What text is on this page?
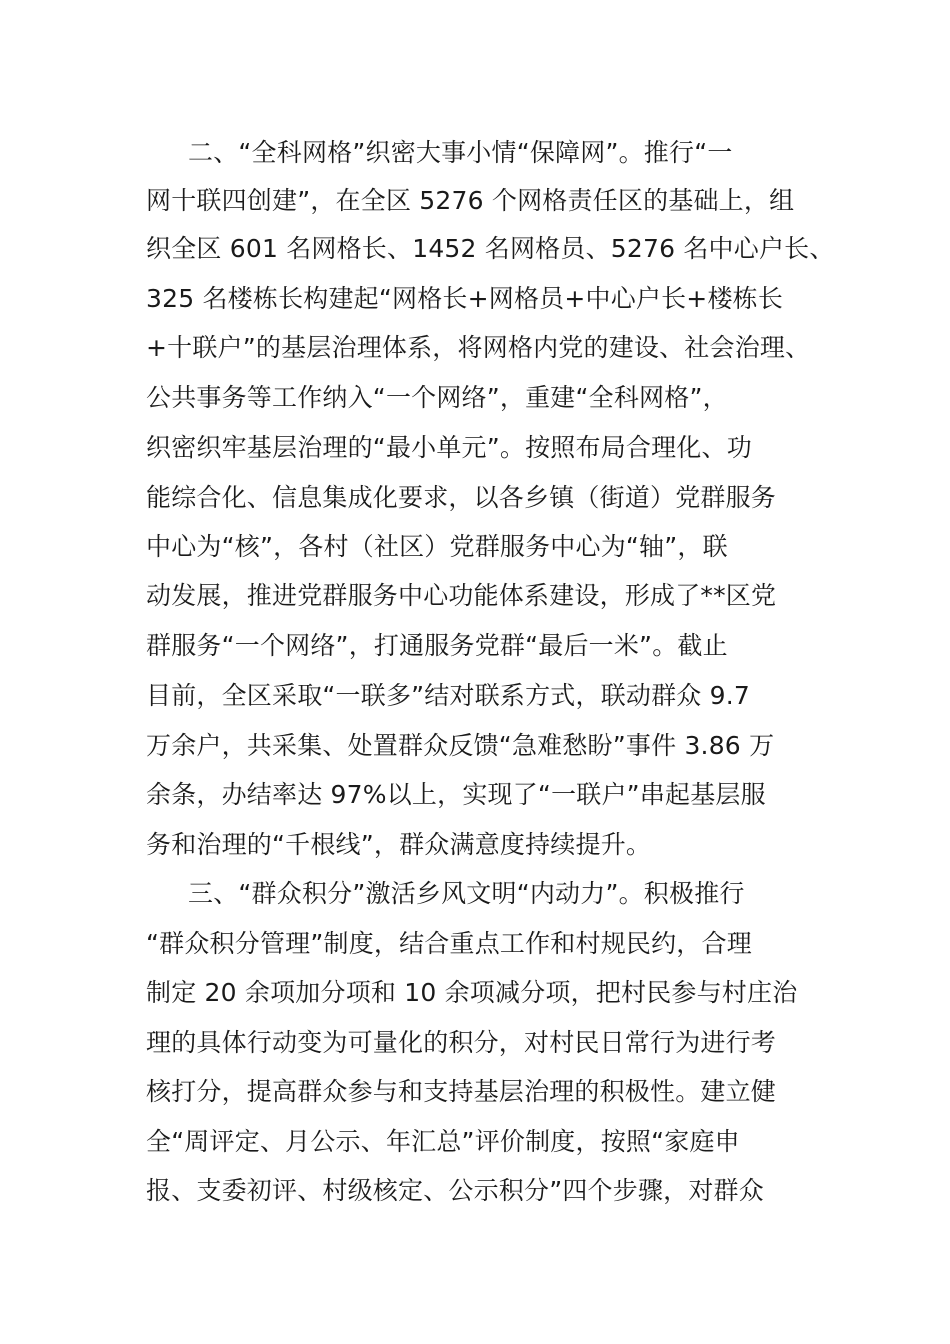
二、“全科网格”织密大事小情“保障网”。推行“一
网十联四创建”，在全区 5276 个网格责任区的基础上，组
织全区 601 名网格长、1452 名网格员、5276 名中心户长、
325 名楼栋长构建起“网格长+网格员+中心户长+楼栋长
+十联户”的基层治理体系，将网格内党的建设、社会治理、
公共事务等工作纳入“一个网络”，重建“全科网格”，
织密织牢基层治理的“最小单元”。按照布局合理化、功
能综合化、信息集成化要求，以各乡镇（街道）党群服务
中心为“核”，各村（社区）党群服务中心为“轴”，联
动发展，推进党群服务中心功能体系建设，形成了**区党
群服务“一个网络”，打通服务党群“最后一米”。截止
目前，全区采取“一联多”结对联系方式，联动群众 9.7
万余户，共采集、处置群众反馈“急难愁盼”事件 3.86 万
余条，办结率达 97%以上，实现了“一联户”串起基层服
务和治理的“千根线”，群众满意度持续提升。
三、“群众积分”激活乡风文明“内动力”。积极推行
“群众积分管理”制度，结合重点工作和村规民约，合理
制定 20 余项加分项和 10 余项减分项，把村民参与村庄治
理的具体行动变为可量化的积分，对村民日常行为进行考
核打分，提高群众参与和支持基层治理的积极性。建立健
全“周评定、月公示、年汇总”评价制度，按照“家庭申
报、支委初评、村级核定、公示积分”四个步骤，对群众
